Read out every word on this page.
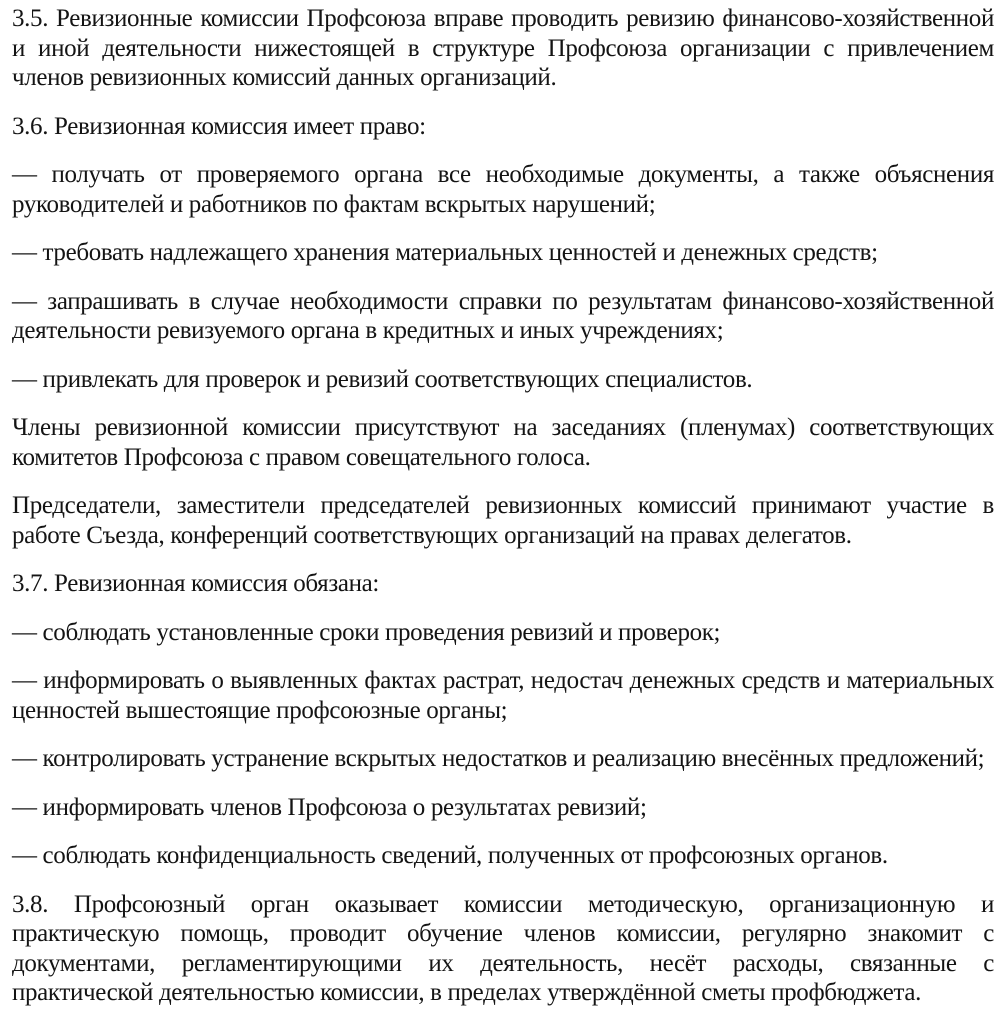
3.5. Ревизионные комиссии Профсоюза вправе проводить ревизию финансово-хозяйственной и иной деятельности нижестоящей в структуре Профсоюза организации с привлечением членов ревизионных комиссий данных организаций.

3.6. Ревизионная комиссия имеет право:

— получать от проверяемого органа все необходимые документы, а также объяснения руководителей и работников по фактам вскрытых нарушений;

— требовать надлежащего хранения материальных ценностей и денежных средств;

— запрашивать в случае необходимости справки по результатам финансово-хозяйственной деятельности ревизуемого органа в кредитных и иных учреждениях;

— привлекать для проверок и ревизий соответствующих специалистов.

Члены ревизионной комиссии присутствуют на заседаниях (пленумах) соответствующих комитетов Профсоюза с правом совещательного голоса.

Председатели, заместители председателей ревизионных комиссий принимают участие в работе Съезда, конференций соответствующих организаций на правах делегатов.

3.7. Ревизионная комиссия обязана:

— соблюдать установленные сроки проведения ревизий и проверок;

— информировать о выявленных фактах растрат, недостач денежных средств и материальных ценностей вышестоящие профсоюзные органы;

— контролировать устранение вскрытых недостатков и реализацию внесённых предложений;

— информировать членов Профсоюза о результатах ревизий;

— соблюдать конфиденциальность сведений, полученных от профсоюзных органов.

3.8. Профсоюзный орган оказывает комиссии методическую, организационную и практическую помощь, проводит обучение членов комиссии, регулярно знакомит с документами, регламентирующими их деятельность, несёт расходы, связанные с практической деятельностью комиссии, в пределах утверждённой сметы профбюджета.
